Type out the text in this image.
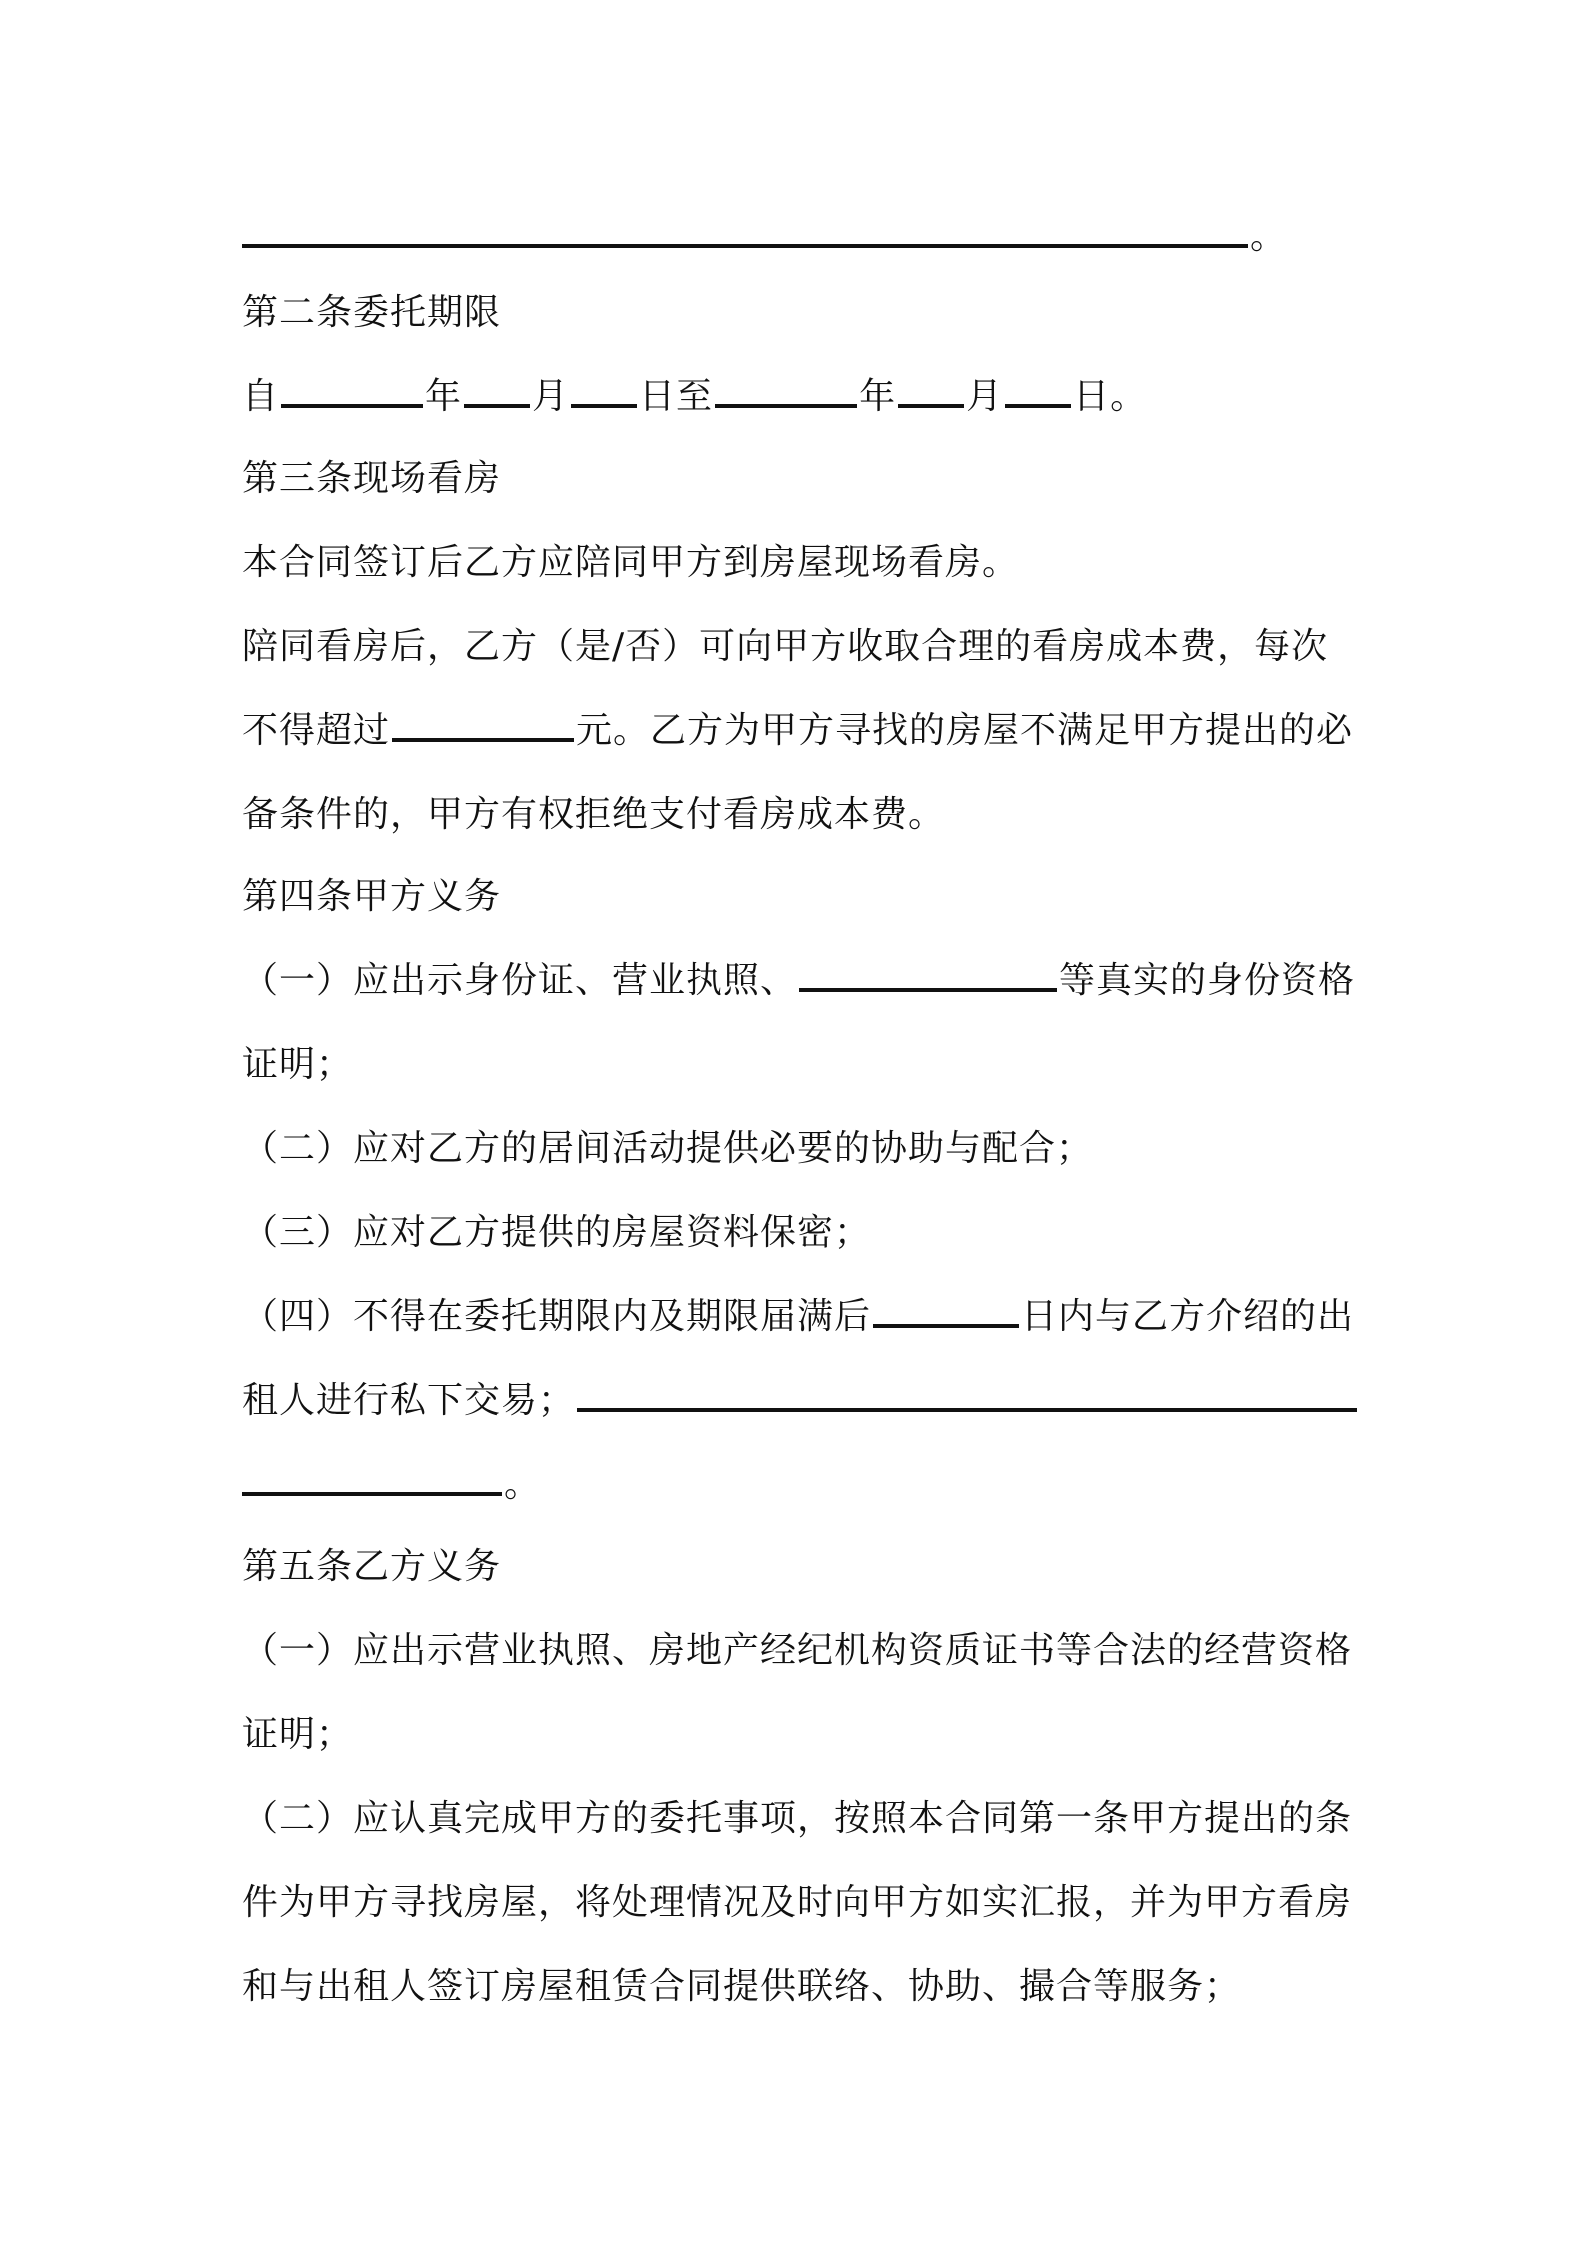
。
第二条委托期限
自	年 月 日至	年 月 日。
第三条现场看房
本合同签订后乙方应陪同甲方到房屋现场看房。
陪同看房后，乙方（是/否）可向甲方收取合理的看房成本费，每次
不得超过	元。乙方为甲方寻找的房屋不满足甲方提出的必
备条件的，甲方有权拒绝支付看房成本费。
第四条甲方义务
（一）应出示身份证、营业执照、	等真实的身份资格
证明；
（二）应对乙方的居间活动提供必要的协助与配合；
（三）应对乙方提供的房屋资料保密；
（四）不得在委托期限内及期限届满后	日内与乙方介绍的出
租人进行私下交易；
。
第五条乙方义务
（一）应出示营业执照、房地产经纪机构资质证书等合法的经营资格
证明；
（二）应认真完成甲方的委托事项，按照本合同第一条甲方提出的条
件为甲方寻找房屋，将处理情况及时向甲方如实汇报，并为甲方看房
和与出租人签订房屋租赁合同提供联络、协助、撮合等服务；
